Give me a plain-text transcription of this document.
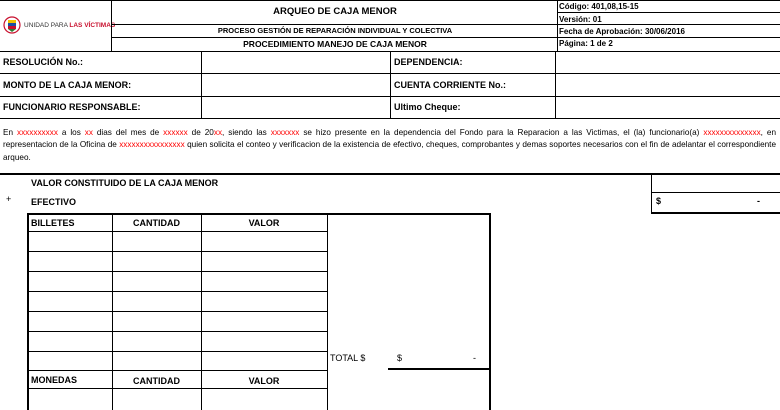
UNIDAD PARA LAS VÍCTIMAS
ARQUEO DE CAJA MENOR
PROCESO GESTIÓN DE REPARACIÓN INDIVIDUAL Y COLECTIVA
PROCEDIMIENTO MANEJO DE CAJA MENOR
Código: 401,08,15-15
Versión: 01
Fecha de Aprobación: 30/06/2016
Página: 1 de 2
RESOLUCIÓN No.:	DEPENDENCIA:
MONTO DE LA CAJA MENOR:	CUENTA CORRIENTE No.:
FUNCIONARIO RESPONSABLE:	Ultimo Cheque:
En xxxxxxxxxx a los xx dias del mes de xxxxxx de 20xx, siendo las xxxxxxx se hizo presente en la dependencia del Fondo para la Reparacion a las Victimas, el (la) funcionario(a) xxxxxxxxxxxxxx, en representacion de la Oficina de xxxxxxxxxxxxxxxx quien solicita el conteo y verificacion de la existencia de efectivo, cheques, comprobantes y demas soportes necesarios con el fin de adelantar el correspondiente arqueo.
VALOR CONSTITUIDO DE LA CAJA MENOR
+ EFECTIVO	$	-
BILLETES	CANTIDAD	VALOR
TOTAL $	$	-
MONEDAS	CANTIDAD	VALOR
